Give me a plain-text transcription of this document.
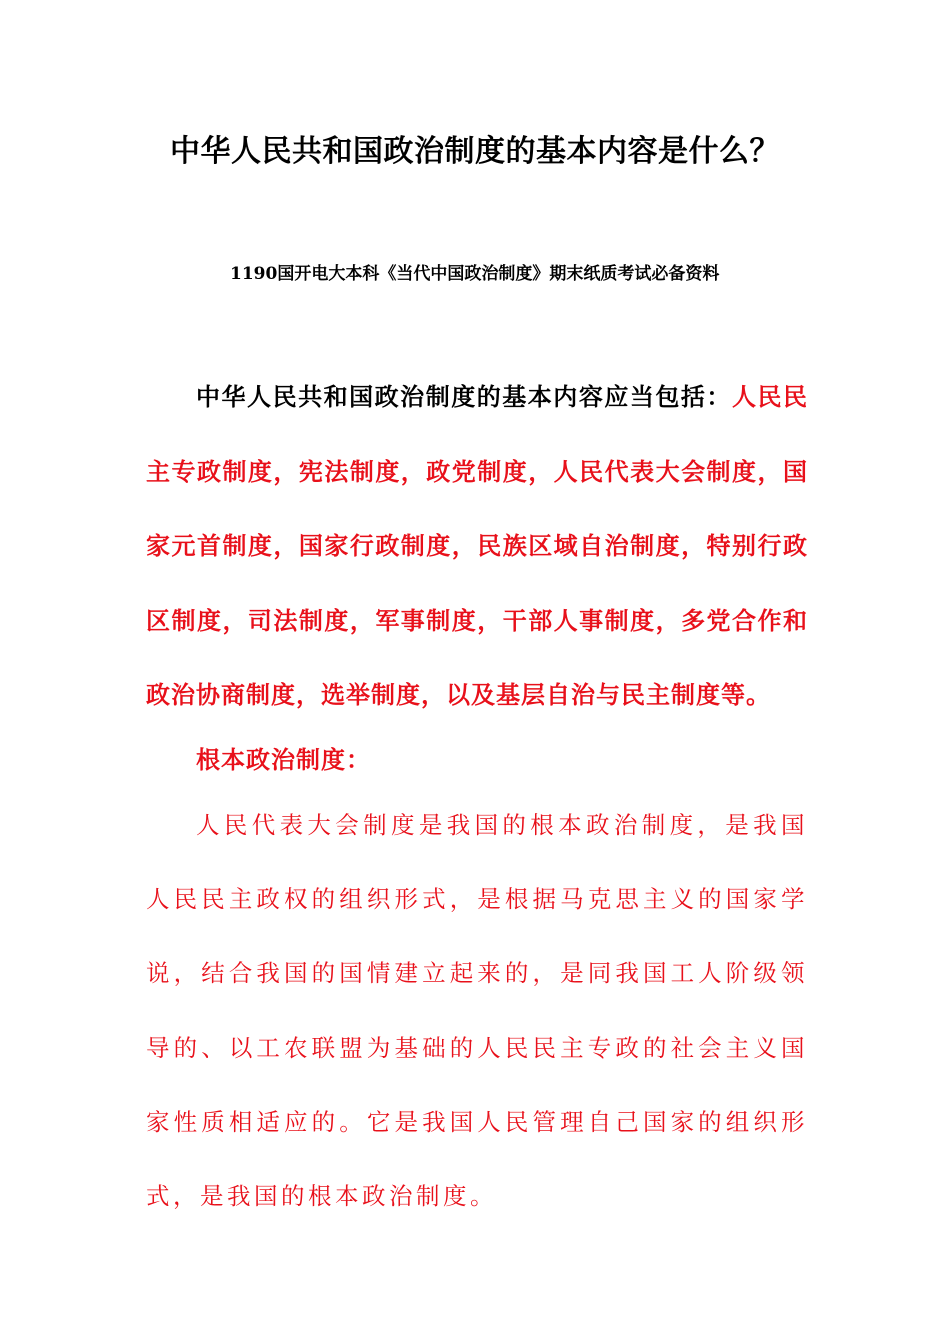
中华人民共和国政治制度的基本内容是什么？
1190国开电大本科《当代中国政治制度》期末纸质考试必备资料

中华人民共和国政治制度的基本内容应当包括：人民民主专政制度，宪法制度，政党制度，人民代表大会制度，国家元首制度，国家行政制度，民族区域自治制度，特别行政区制度，司法制度，军事制度，干部人事制度，多党合作和政治协商制度，选举制度，以及基层自治与民主制度等。

根本政治制度：

人民代表大会制度是我国的根本政治制度，是我国人民民主政权的组织形式，是根据马克思主义的国家学说，结合我国的国情建立起来的，是同我国工人阶级领导的、以工农联盟为基础的人民民主专政的社会主义国家性质相适应的。它是我国人民管理自己国家的组织形式，是我国的根本政治制度。
